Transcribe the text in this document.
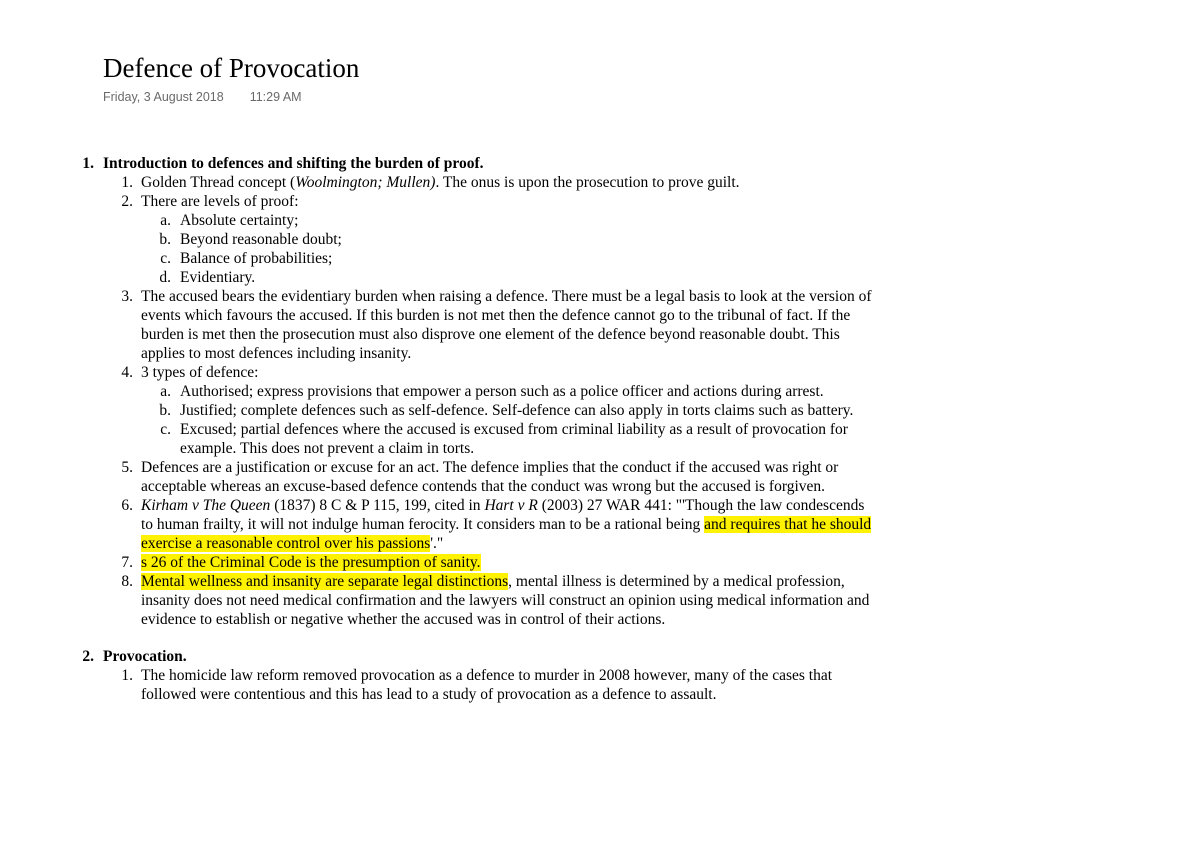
Defence of Provocation
Friday, 3 August 2018 11:29 AM
1. Introduction to defences and shifting the burden of proof.
1. Golden Thread concept (Woolmington; Mullen). The onus is upon the prosecution to prove guilt.
2. There are levels of proof:
a. Absolute certainty;
b. Beyond reasonable doubt;
c. Balance of probabilities;
d. Evidentiary.
3. The accused bears the evidentiary burden when raising a defence. There must be a legal basis to look at the version of events which favours the accused. If this burden is not met then the defence cannot go to the tribunal of fact. If the burden is met then the prosecution must also disprove one element of the defence beyond reasonable doubt. This applies to most defences including insanity.
4. 3 types of defence:
a. Authorised; express provisions that empower a person such as a police officer and actions during arrest.
b. Justified; complete defences such as self-defence. Self-defence can also apply in torts claims such as battery.
c. Excused; partial defences where the accused is excused from criminal liability as a result of provocation for example. This does not prevent a claim in torts.
5. Defences are a justification or excuse for an act. The defence implies that the conduct if the accused was right or acceptable whereas an excuse-based defence contends that the conduct was wrong but the accused is forgiven.
6. Kirham v The Queen (1837) 8 C & P 115, 199, cited in Hart v R (2003) 27 WAR 441: "'Though the law condescends to human frailty, it will not indulge human ferocity. It considers man to be a rational being and requires that he should exercise a reasonable control over his passions'."
7. s 26 of the Criminal Code is the presumption of sanity.
8. Mental wellness and insanity are separate legal distinctions, mental illness is determined by a medical profession, insanity does not need medical confirmation and the lawyers will construct an opinion using medical information and evidence to establish or negative whether the accused was in control of their actions.
2. Provocation.
1. The homicide law reform removed provocation as a defence to murder in 2008 however, many of the cases that followed were contentious and this has lead to a study of provocation as a defence to assault.
